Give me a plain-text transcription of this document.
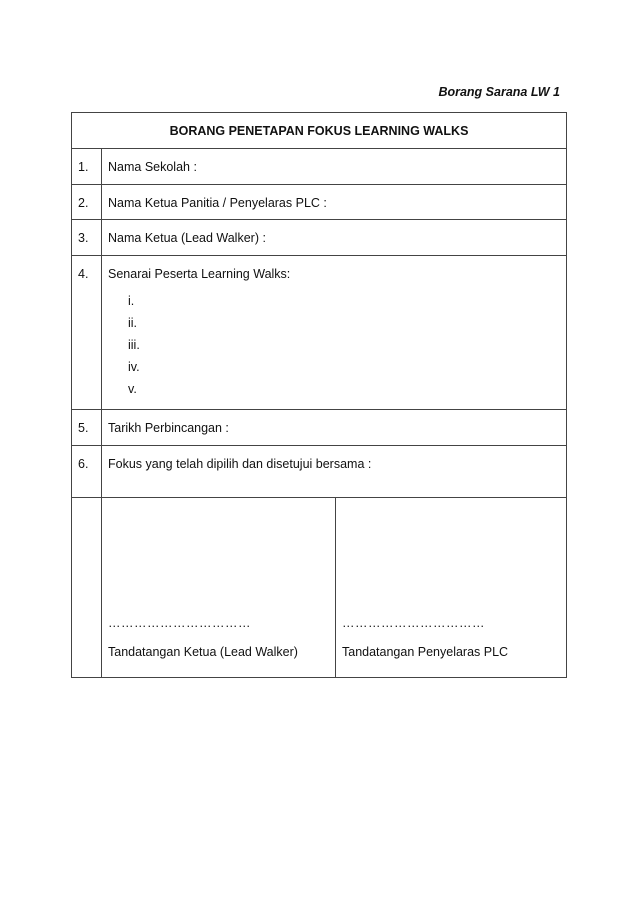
Borang Sarana LW 1
BORANG PENETAPAN FOKUS LEARNING WALKS
1.	Nama Sekolah :
2.	Nama Ketua Panitia / Penyelaras PLC :
3.	Nama Ketua (Lead Walker) :
4.	Senarai Peserta Learning Walks:
i.
ii.
iii.
iv.
v.
5.	Tarikh Perbincangan :
6.	Fokus yang telah dipilih dan disetujui bersama :
……………………………
Tandatangan Ketua (Lead Walker)
……………………………
Tandatangan Penyelaras PLC
